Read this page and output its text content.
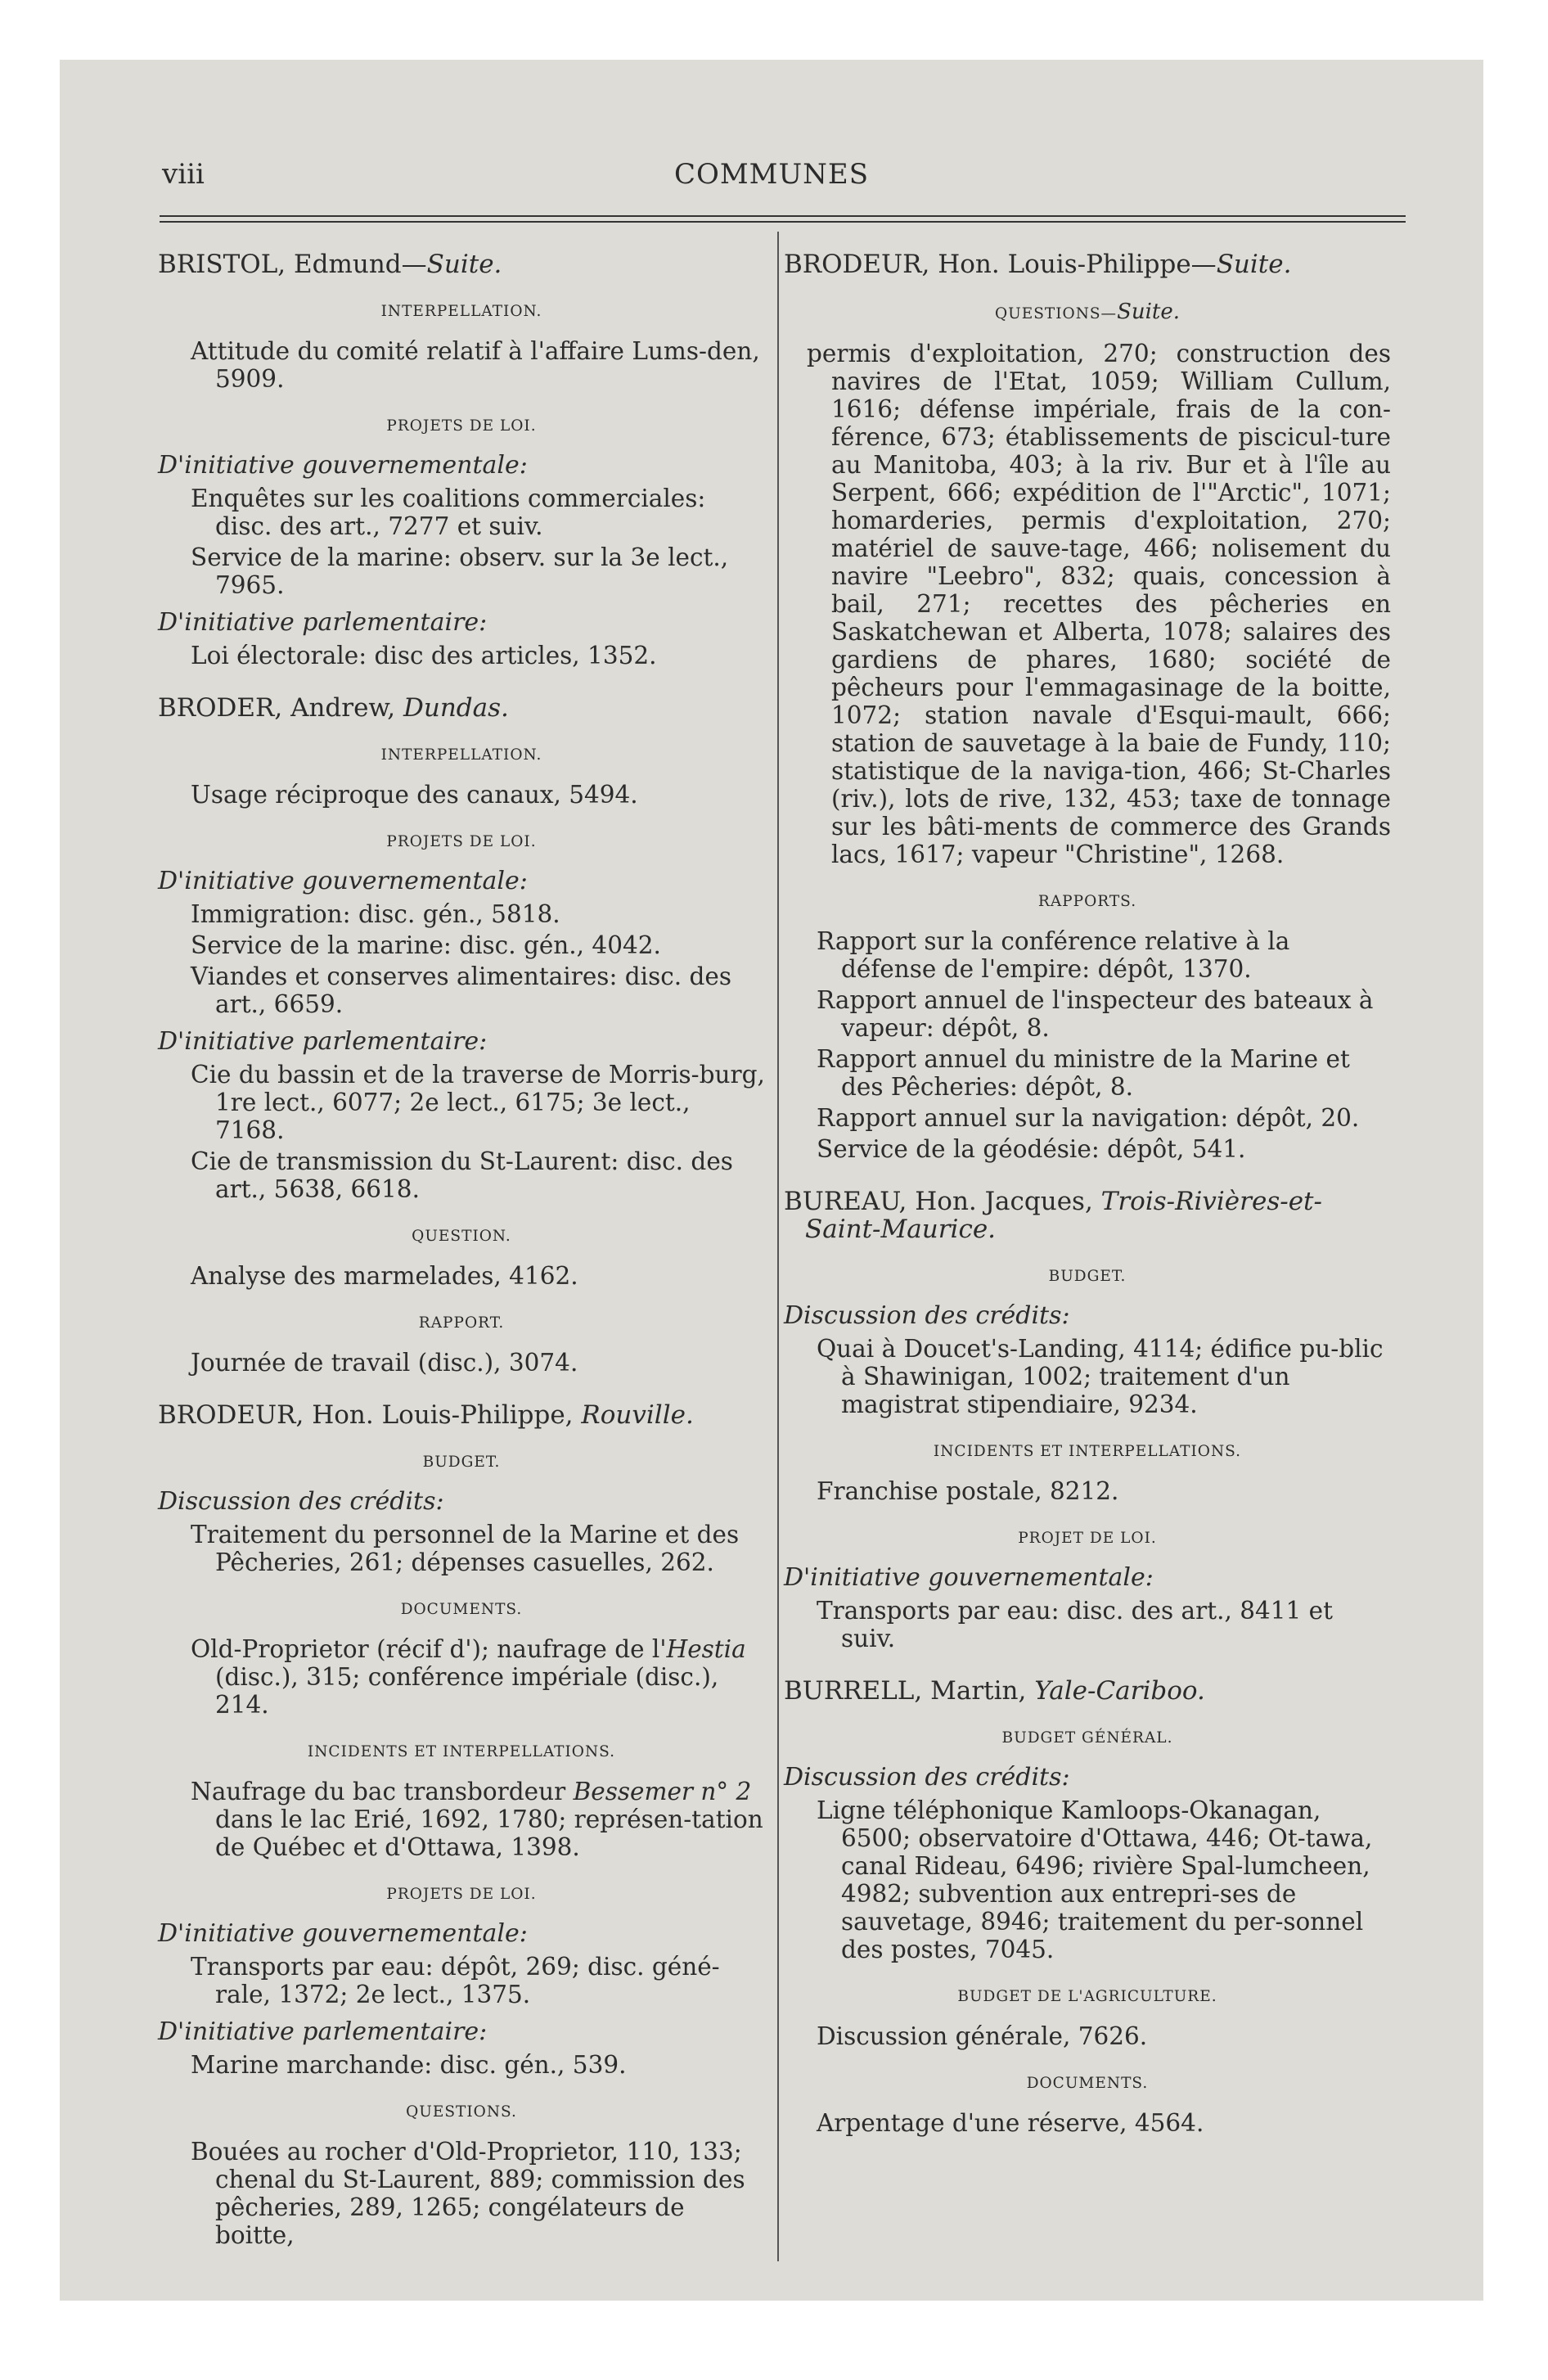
viii	COMMUNES
BRISTOL, Edmund—Suite.
INTERPELLATION.
Attitude du comité relatif à l'affaire Lums-den, 5909.
PROJETS DE LOI.
D'initiative gouvernementale:
Enquêtes sur les coalitions commerciales: disc. des art., 7277 et suiv.
Service de la marine: observ. sur la 3e lect., 7965.
D'initiative parlementaire:
Loi électorale: disc des articles, 1352.
BRODER, Andrew, Dundas.
INTERPELLATION.
Usage réciproque des canaux, 5494.
PROJETS DE LOI.
D'initiative gouvernementale:
Immigration: disc. gén., 5818.
Service de la marine: disc. gén., 4042.
Viandes et conserves alimentaires: disc. des art., 6659.
D'initiative parlementaire:
Cie du bassin et de la traverse de Morris-burg, 1re lect., 6077; 2e lect., 6175; 3e lect., 7168.
Cie de transmission du St-Laurent: disc. des art., 5638, 6618.
QUESTION.
Analyse des marmelades, 4162.
RAPPORT.
Journée de travail (disc.), 3074.
BRODEUR, Hon. Louis-Philippe, Rouville.
BUDGET.
Discussion des crédits:
Traitement du personnel de la Marine et des Pêcheries, 261; dépenses casuelles, 262.
DOCUMENTS.
Old-Proprietor (récif d'); naufrage de l'Hestia (disc.), 315; conférence impériale (disc.), 214.
INCIDENTS ET INTERPELLATIONS.
Naufrage du bac transbordeur Bessemer n° 2 dans le lac Erié, 1692, 1780; représen-tation de Québec et d'Ottawa, 1398.
PROJETS DE LOI.
D'initiative gouvernementale:
Transports par eau: dépôt, 269; disc. géné-rale, 1372; 2e lect., 1375.
D'initiative parlementaire:
Marine marchande: disc. gén., 539.
QUESTIONS.
Bouées au rocher d'Old-Proprietor, 110, 133; chenal du St-Laurent, 889; commission des pêcheries, 289, 1265; congélateurs de boitte,
BRODEUR, Hon. Louis-Philippe—Suite.
QUESTIONS—Suite.
permis d'exploitation, 270; construction des navires de l'Etat, 1059; William Cullum, 1616; défense impériale, frais de la con-férence, 673; établissements de piscicul-ture au Manitoba, 403; à la riv. Bur et à l'île au Serpent, 666; expédition de l'"Arctic", 1071; homarderies, permis d'exploitation, 270; matériel de sauve-tage, 466; nolisement du navire "Leebro", 832; quais, concession à bail, 271; recettes des pêcheries en Saskatchewan et Alberta, 1078; salaires des gardiens de phares, 1680; société de pêcheurs pour l'emmagasinage de la boitte, 1072; station navale d'Esqui-mault, 666; station de sauvetage à la baie de Fundy, 110; statistique de la naviga-tion, 466; St-Charles (riv.), lots de rive, 132, 453; taxe de tonnage sur les bâti-ments de commerce des Grands lacs, 1617; vapeur "Christine", 1268.
RAPPORTS.
Rapport sur la conférence relative à la défense de l'empire: dépôt, 1370.
Rapport annuel de l'inspecteur des bateaux à vapeur: dépôt, 8.
Rapport annuel du ministre de la Marine et des Pêcheries: dépôt, 8.
Rapport annuel sur la navigation: dépôt, 20.
Service de la géodésie: dépôt, 541.
BUREAU, Hon. Jacques, Trois-Rivières-et-Saint-Maurice.
BUDGET.
Discussion des crédits:
Quai à Doucet's-Landing, 4114; édifice pu-blic à Shawinigan, 1002; traitement d'un magistrat stipendiaire, 9234.
INCIDENTS ET INTERPELLATIONS.
Franchise postale, 8212.
PROJET DE LOI.
D'initiative gouvernementale:
Transports par eau: disc. des art., 8411 et suiv.
BURRELL, Martin, Yale-Cariboo.
BUDGET GÉNÉRAL.
Discussion des crédits:
Ligne téléphonique Kamloops-Okanagan, 6500; observatoire d'Ottawa, 446; Ot-tawa, canal Rideau, 6496; rivière Spal-lumcheen, 4982; subvention aux entrepri-ses de sauvetage, 8946; traitement du per-sonnel des postes, 7045.
BUDGET DE L'AGRICULTURE.
Discussion générale, 7626.
DOCUMENTS.
Arpentage d'une réserve, 4564.
